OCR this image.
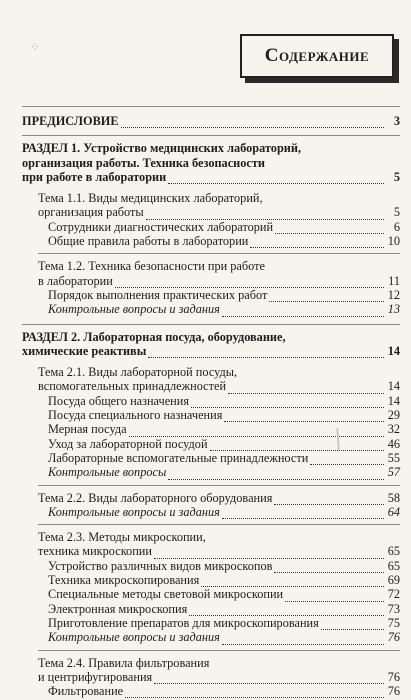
⁘	Содержание
ПРЕДИСЛОВИЕ	3
РАЗДЕЛ 1. Устройство медицинских лабораторий,
организация работы. Техника безопасности
при работе в лаборатории	5
Тема 1.1. Виды медицинских лабораторий,
организация работы	5
Сотрудники диагностических лабораторий	6
Общие правила работы в лаборатории	10
Тема 1.2. Техника безопасности при работе
в лаборатории	11
Порядок выполнения практических работ	12
Контрольные вопросы и задания	13
РАЗДЕЛ 2. Лабораторная посуда, оборудование,
химические реактивы	14
Тема 2.1. Виды лабораторной посуды,
вспомогательных принадлежностей	14
Посуда общего назначения	14
Посуда специального назначения	29
Мерная посуда	32
Уход за лабораторной посудой	46
Лабораторные вспомогательные принадлежности	55
Контрольные вопросы	57
Тема 2.2. Виды лабораторного оборудования	58
Контрольные вопросы и задания	64
Тема 2.3. Методы микроскопии,
техника микроскопии	65
Устройство различных видов микроскопов	65
Техника микроскопирования	69
Специальные методы световой микроскопии	72
Электронная микроскопия	73
Приготовление препаратов для микроскопирования	75
Контрольные вопросы и задания	76
Тема 2.4. Правила фильтрования
и центрифугирования	76
Фильтрование	76
⁄
